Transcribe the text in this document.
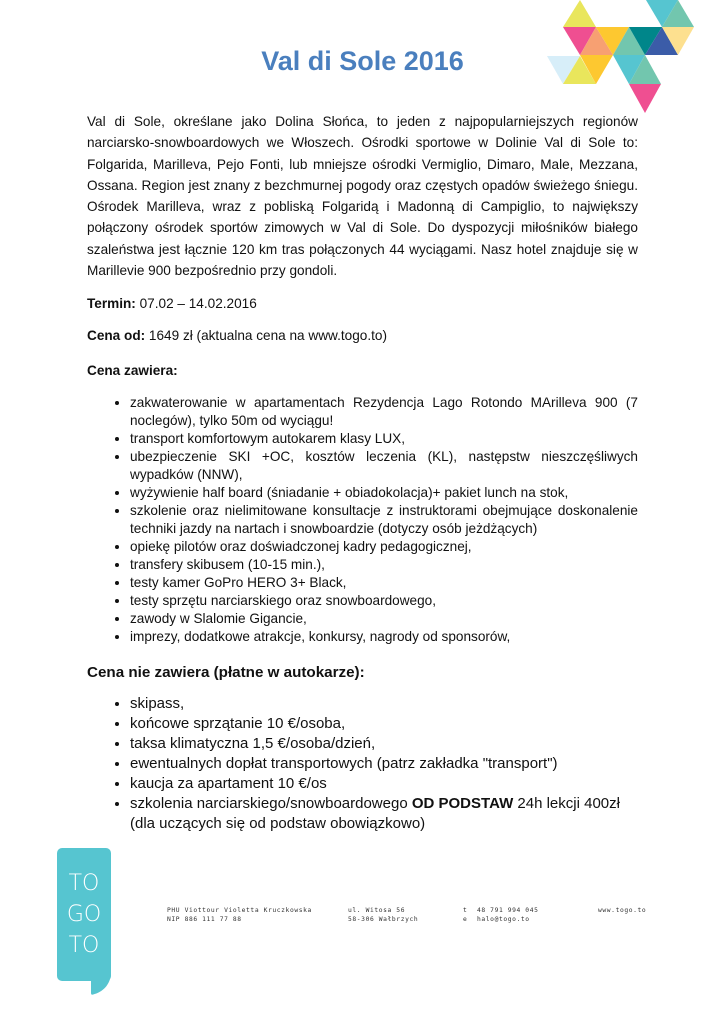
Val di Sole 2016

Val di Sole, określane jako Dolina Słońca, to jeden z najpopularniejszych regionów narciarsko-snowboardowych we Włoszech. Ośrodki sportowe w Dolinie Val di Sole to: Folgarida, Marilleva, Pejo Fonti, lub mniejsze ośrodki Vermiglio, Dimaro, Male, Mezzana, Ossana. Region jest znany z bezchmurnej pogody oraz częstych opadów świeżego śniegu. Ośrodek Marilleva, wraz z pobliską Folgaridą i Madonną di Campiglio, to największy połączony ośrodek sportów zimowych w Val di Sole. Do dyspozycji miłośników białego szaleństwa jest łącznie 120 km tras połączonych 44 wyciągami. Nasz hotel znajduje się w Marillevie 900 bezpośrednio przy gondoli.

Termin: 07.02 – 14.02.2016

Cena od: 1649 zł (aktualna cena na www.togo.to)

Cena zawiera:
• zakwaterowanie w apartamentach Rezydencja Lago Rotondo MArilleva 900 (7 noclegów), tylko 50m od wyciągu!
• transport komfortowym autokarem klasy LUX,
• ubezpieczenie SKI +OC, kosztów leczenia (KL), następstw nieszczęśliwych wypadków (NNW),
• wyżywienie half board (śniadanie + obiadokolacja)+ pakiet lunch na stok,
• szkolenie oraz nielimitowane konsultacje z instruktorami obejmujące doskonalenie techniki jazdy na nartach i snowboardzie (dotyczy osób jeżdżących)
• opiekę pilotów oraz doświadczonej kadry pedagogicznej,
• transfery skibusem (10-15 min.),
• testy kamer GoPro HERO 3+ Black,
• testy sprzętu narciarskiego oraz snowboardowego,
• zawody w Slalomie Gigancie,
• imprezy, dodatkowe atrakcje, konkursy, nagrody od sponsorów,
Cena nie zawiera (płatne w autokarze):
• skipass,
• końcowe sprzątanie 10 €/osoba,
• taksa klimatyczna 1,5 €/osoba/dzień,
• ewentualnych dopłat transportowych (patrz zakładka "transport")
• kaucja za apartament 10 €/os
• szkolenia narciarskiego/snowboardowego OD PODSTAW 24h lekcji 400zł (dla uczących się od podstaw obowiązkowo)
TO
GO
TO
PHU Viottour Violetta Kruczkowska
NIP 886 111 77 88
ul. Witosa 56
58-306 Wałbrzych
t
e
48 791 994 045
halo@togo.to
www.togo.to
